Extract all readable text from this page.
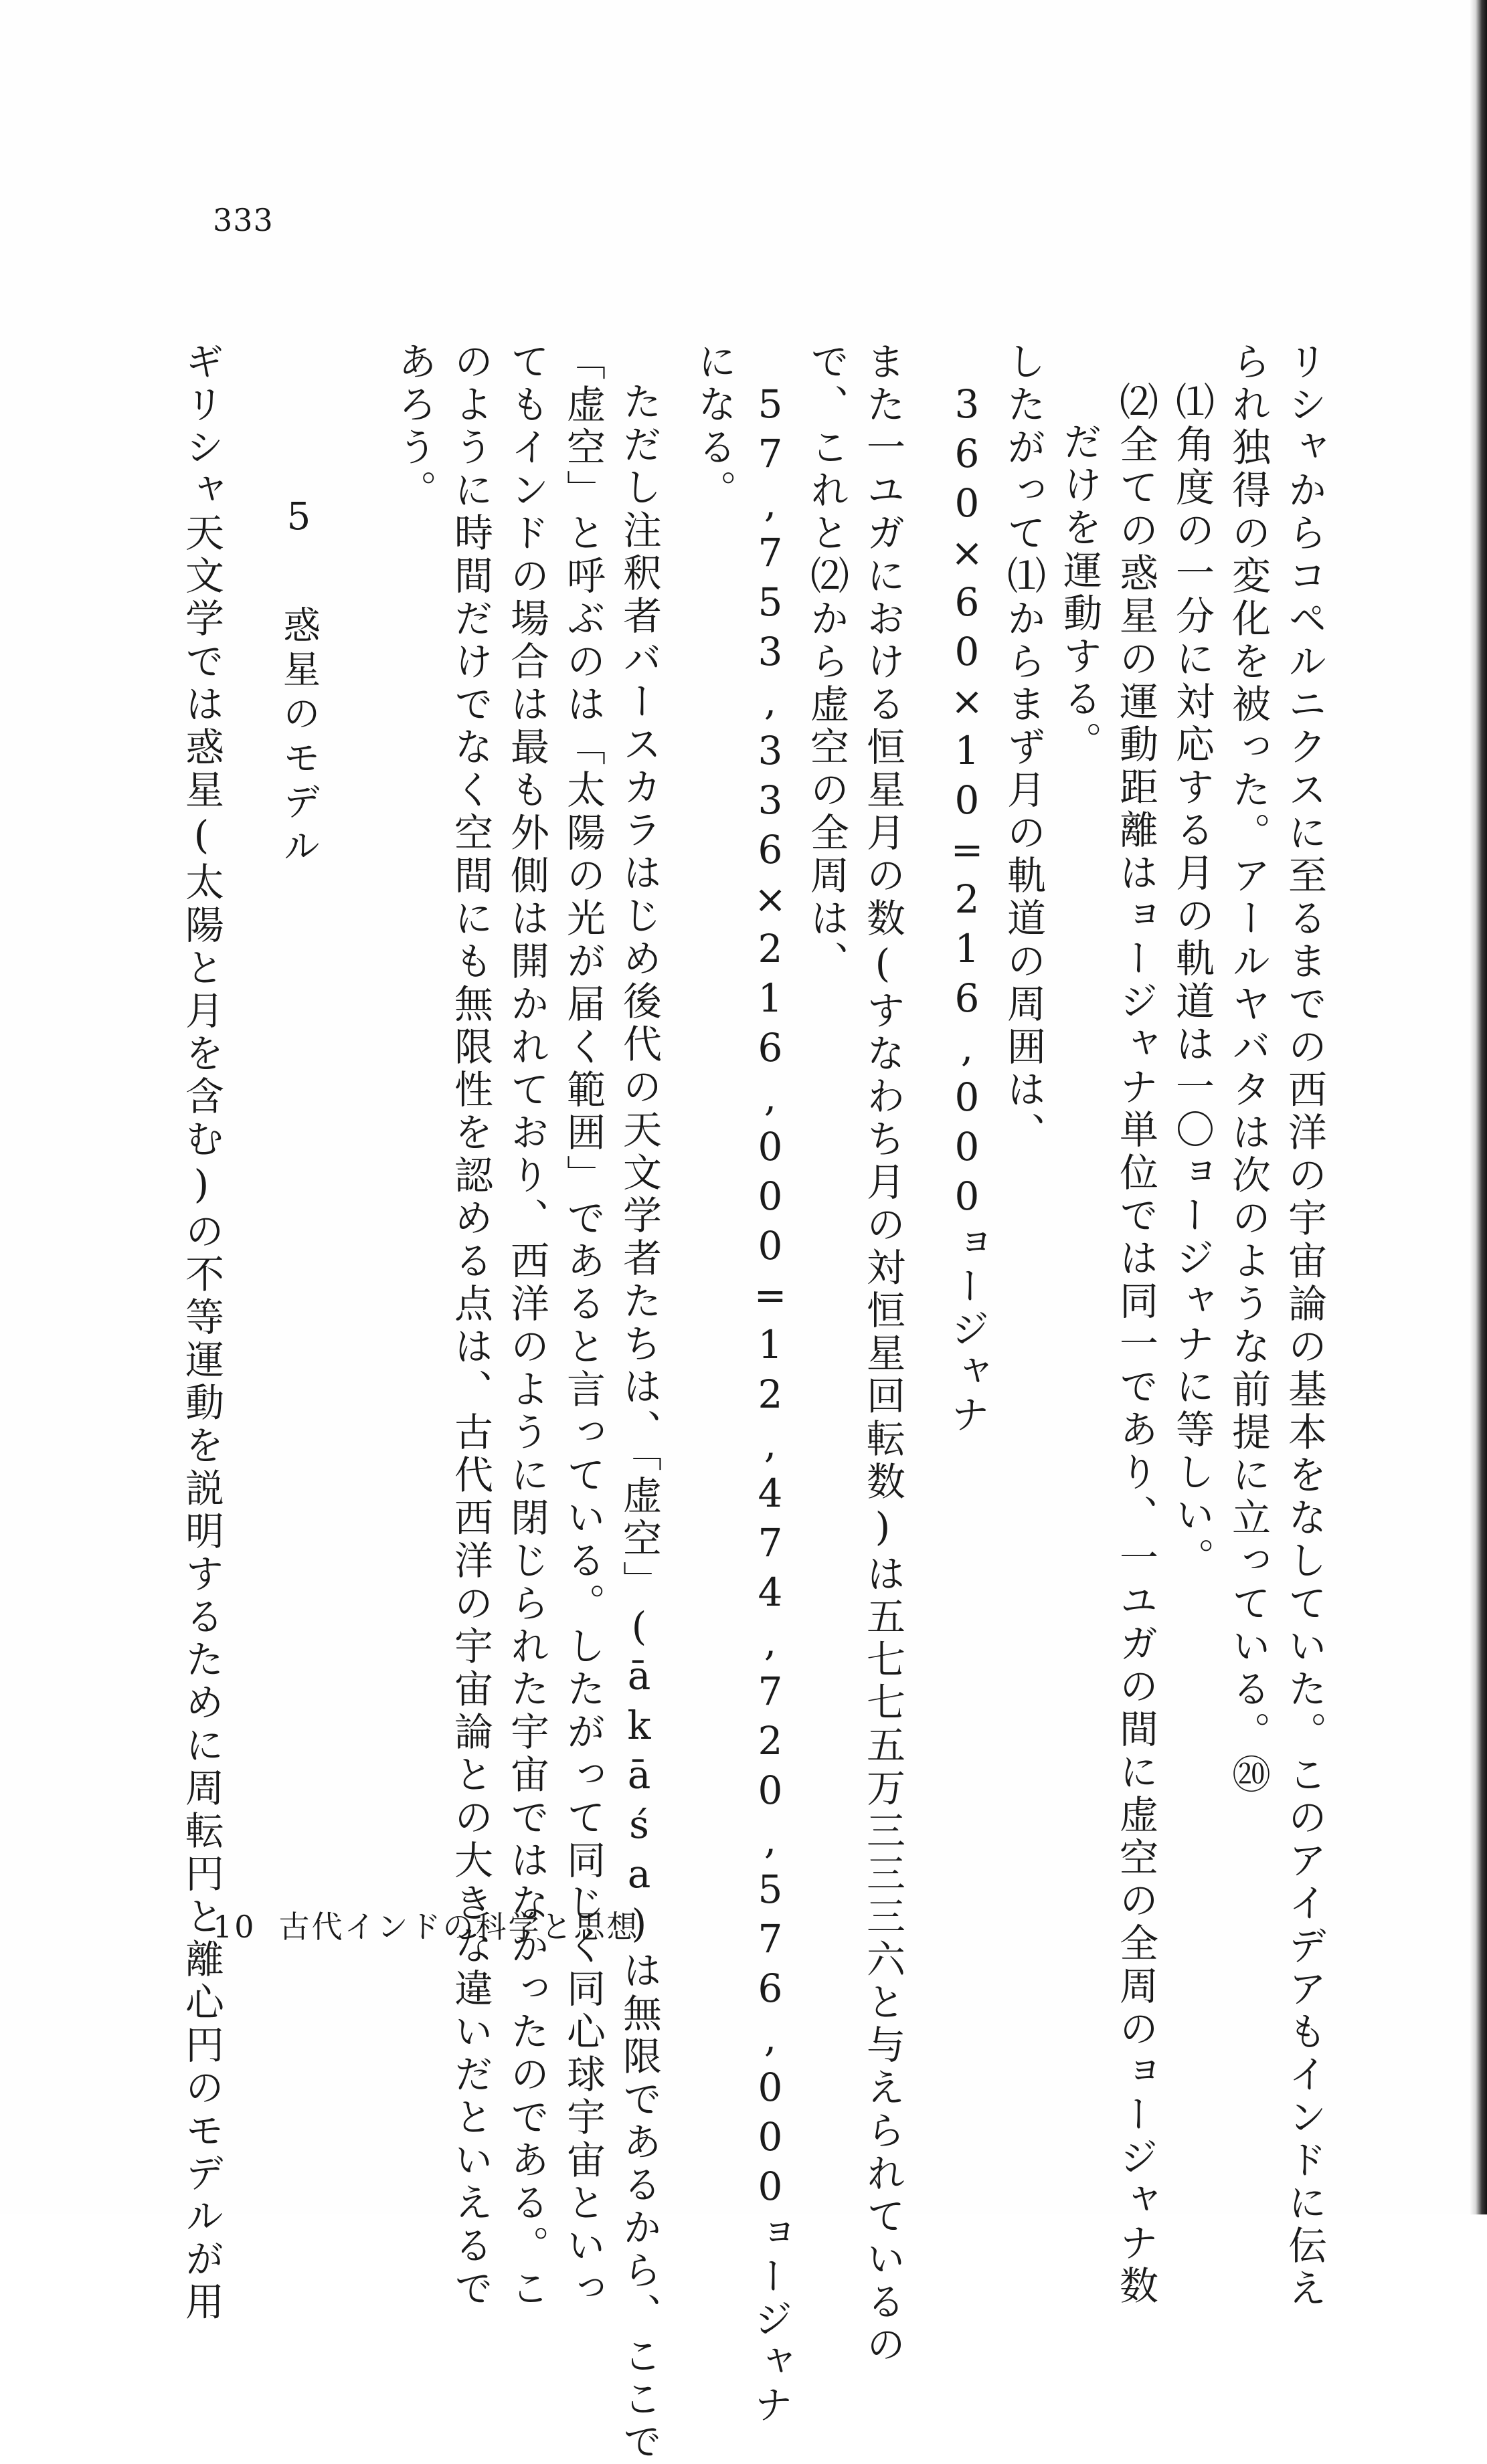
333
リシャからコペルニクスに至るまでの西洋の宇宙論の基本をなしていた。このアイデアもインドに伝え
られ独得の変化を被った。アールヤバタは次のような前提に立っている。⑳
⑴角度の一分に対応する月の軌道は一〇ョージャナに等しい。
⑵全ての惑星の運動距離はョージャナ単位では同一であり、一ユガの間に虚空の全周のョージャナ数
だけを運動する。
したがって⑴からまず月の軌道の周囲は、
360×60×10=216,000ョージャナ
また一ユガにおける恒星月の数(すなわち月の対恒星回転数)は五七七五万三三三六と与えられているの
で、これと⑵から虚空の全周は、
57,753,336×216,000=12,474,720,576,000ョージャナ
になる。
ただし注釈者バースカラはじめ後代の天文学者たちは、「虚空」(ākāśa)は無限であるから、ここで
「虚空」と呼ぶのは「太陽の光が届く範囲」であると言っている。したがって同じく同心球宇宙といっ
てもインドの場合は最も外側は開かれており、西洋のように閉じられた宇宙ではなかったのである。こ
のように時間だけでなく空間にも無限性を認める点は、古代西洋の宇宙論との大きな違いだといえるで
あろう。
5惑星のモデル
ギリシャ天文学では惑星(太陽と月を含む)の不等運動を説明するために周転円と離心円のモデルが用
10 古代インドの科学と思想
